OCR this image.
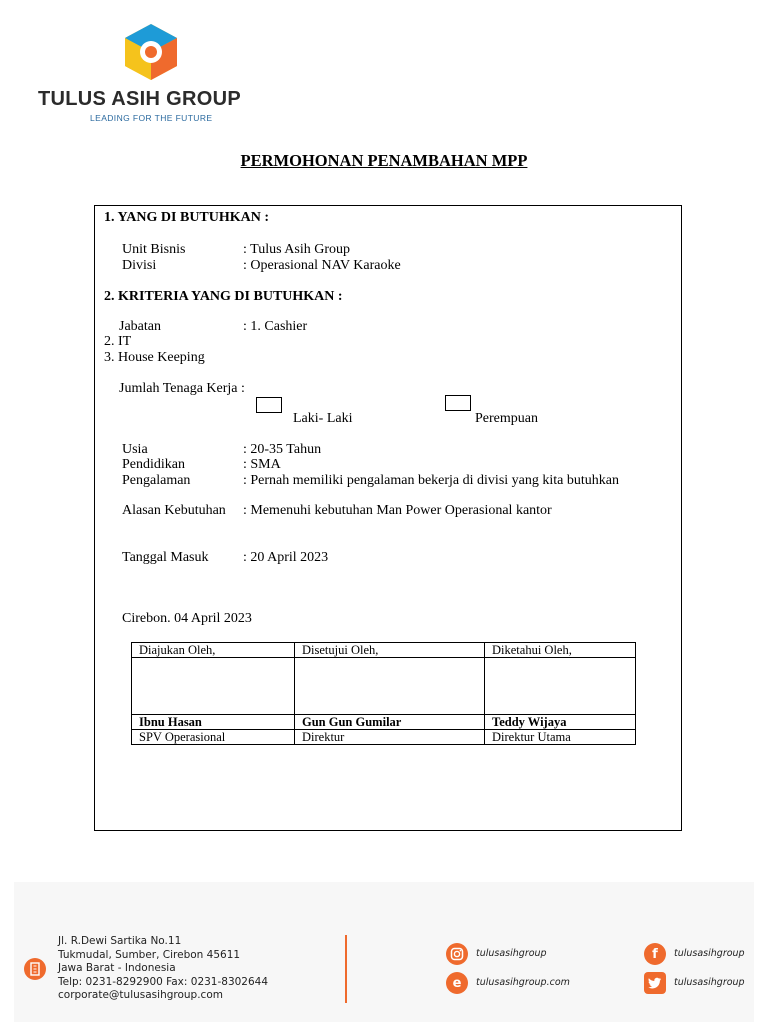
TULUS ASIH GROUP
LEADING FOR THE FUTURE
PERMOHONAN PENAMBAHAN MPP
1. YANG DI BUTUHKAN :
Unit Bisnis	: Tulus Asih Group
Divisi	: Operasional NAV Karaoke
2. KRITERIA YANG DI BUTUHKAN :
Jabatan	: 1. Cashier
2. IT
3. House Keeping
Jumlah Tenaga Kerja :
Laki- Laki	Perempuan
Usia	: 20-35 Tahun
Pendidikan	: SMA
Pengalaman	: Pernah memiliki pengalaman bekerja di divisi yang kita butuhkan
Alasan Kebutuhan : Memenuhi kebutuhan Man Power Operasional kantor
Tanggal Masuk : 20 April 2023
Cirebon. 04 April 2023
Diajukan Oleh,	Disetujui Oleh,	Diketahui Oleh,

Ibnu Hasan	Gun Gun Gumilar	Teddy Wijaya
SPV Operasional	Direktur	Direktur Utama
Jl. R.Dewi Sartika No.11
Tukmudal, Sumber, Cirebon 45611
Jawa Barat - Indonesia
Telp: 0231-8292900 Fax: 0231-8302644
corporate@tulusasihgroup.com
tulusasihgroup
e	tulusasihgroup.com
f	tulusasihgroup
tulusasihgroup
